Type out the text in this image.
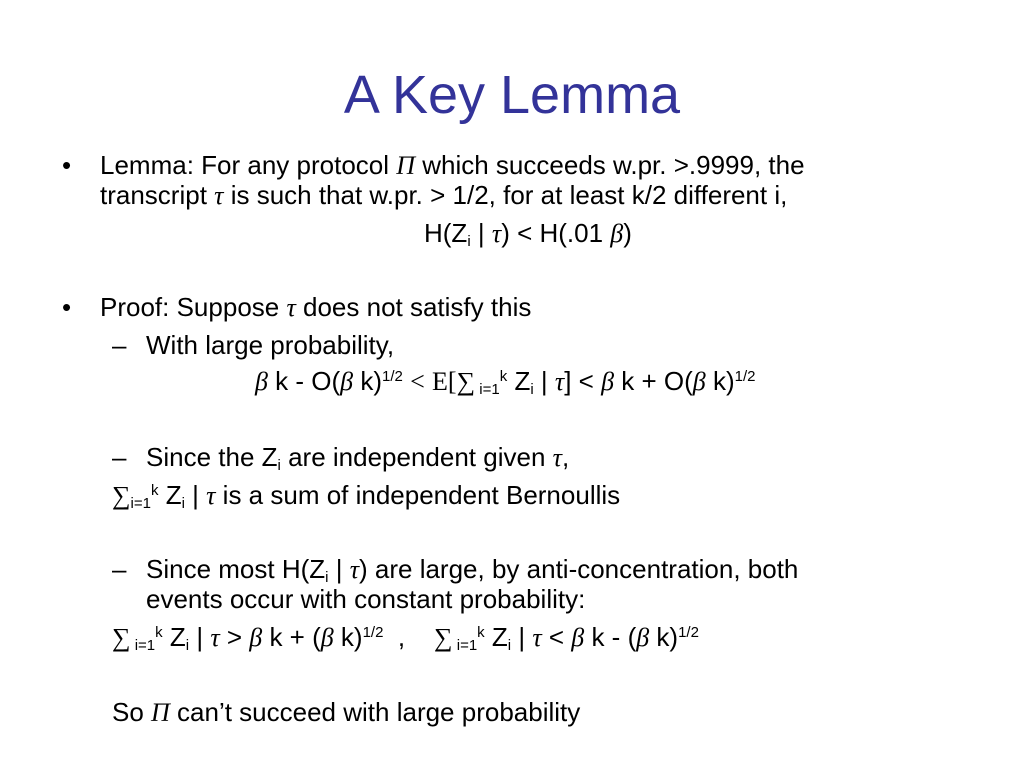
A Key Lemma
• Lemma: For any protocol Π which succeeds w.pr. >.9999, the
transcript τ is such that w.pr. > 1/2, for at least k/2 different i,
$H(Z_i$ | τ) < H(.01 β)
• Proof: Suppose τ does not satisfy this
– With large probability,
β k - O(β k)$^{1/2}$ < E[∑ $_{i=1}^k$ $Z_i$ | τ] < β k + O(β k)$^{1/2}$
– Since the $Z_i$ are independent given τ,
$\sum_{i=1}^k$ $Z_i$ | τ is a sum of independent Bernoullis
– Since most $H(Z_i$ | τ) are large, by anti-concentration, both
events occur with constant probability:
∑ $_{i=1}^k$ $Z_i$ | τ > β k + (β k)$^{1/2}$  ,    ∑ $_{i=1}^k$ $Z_i$ | τ < β k - (β k)$^{1/2}$
So Π can’t succeed with large probability
